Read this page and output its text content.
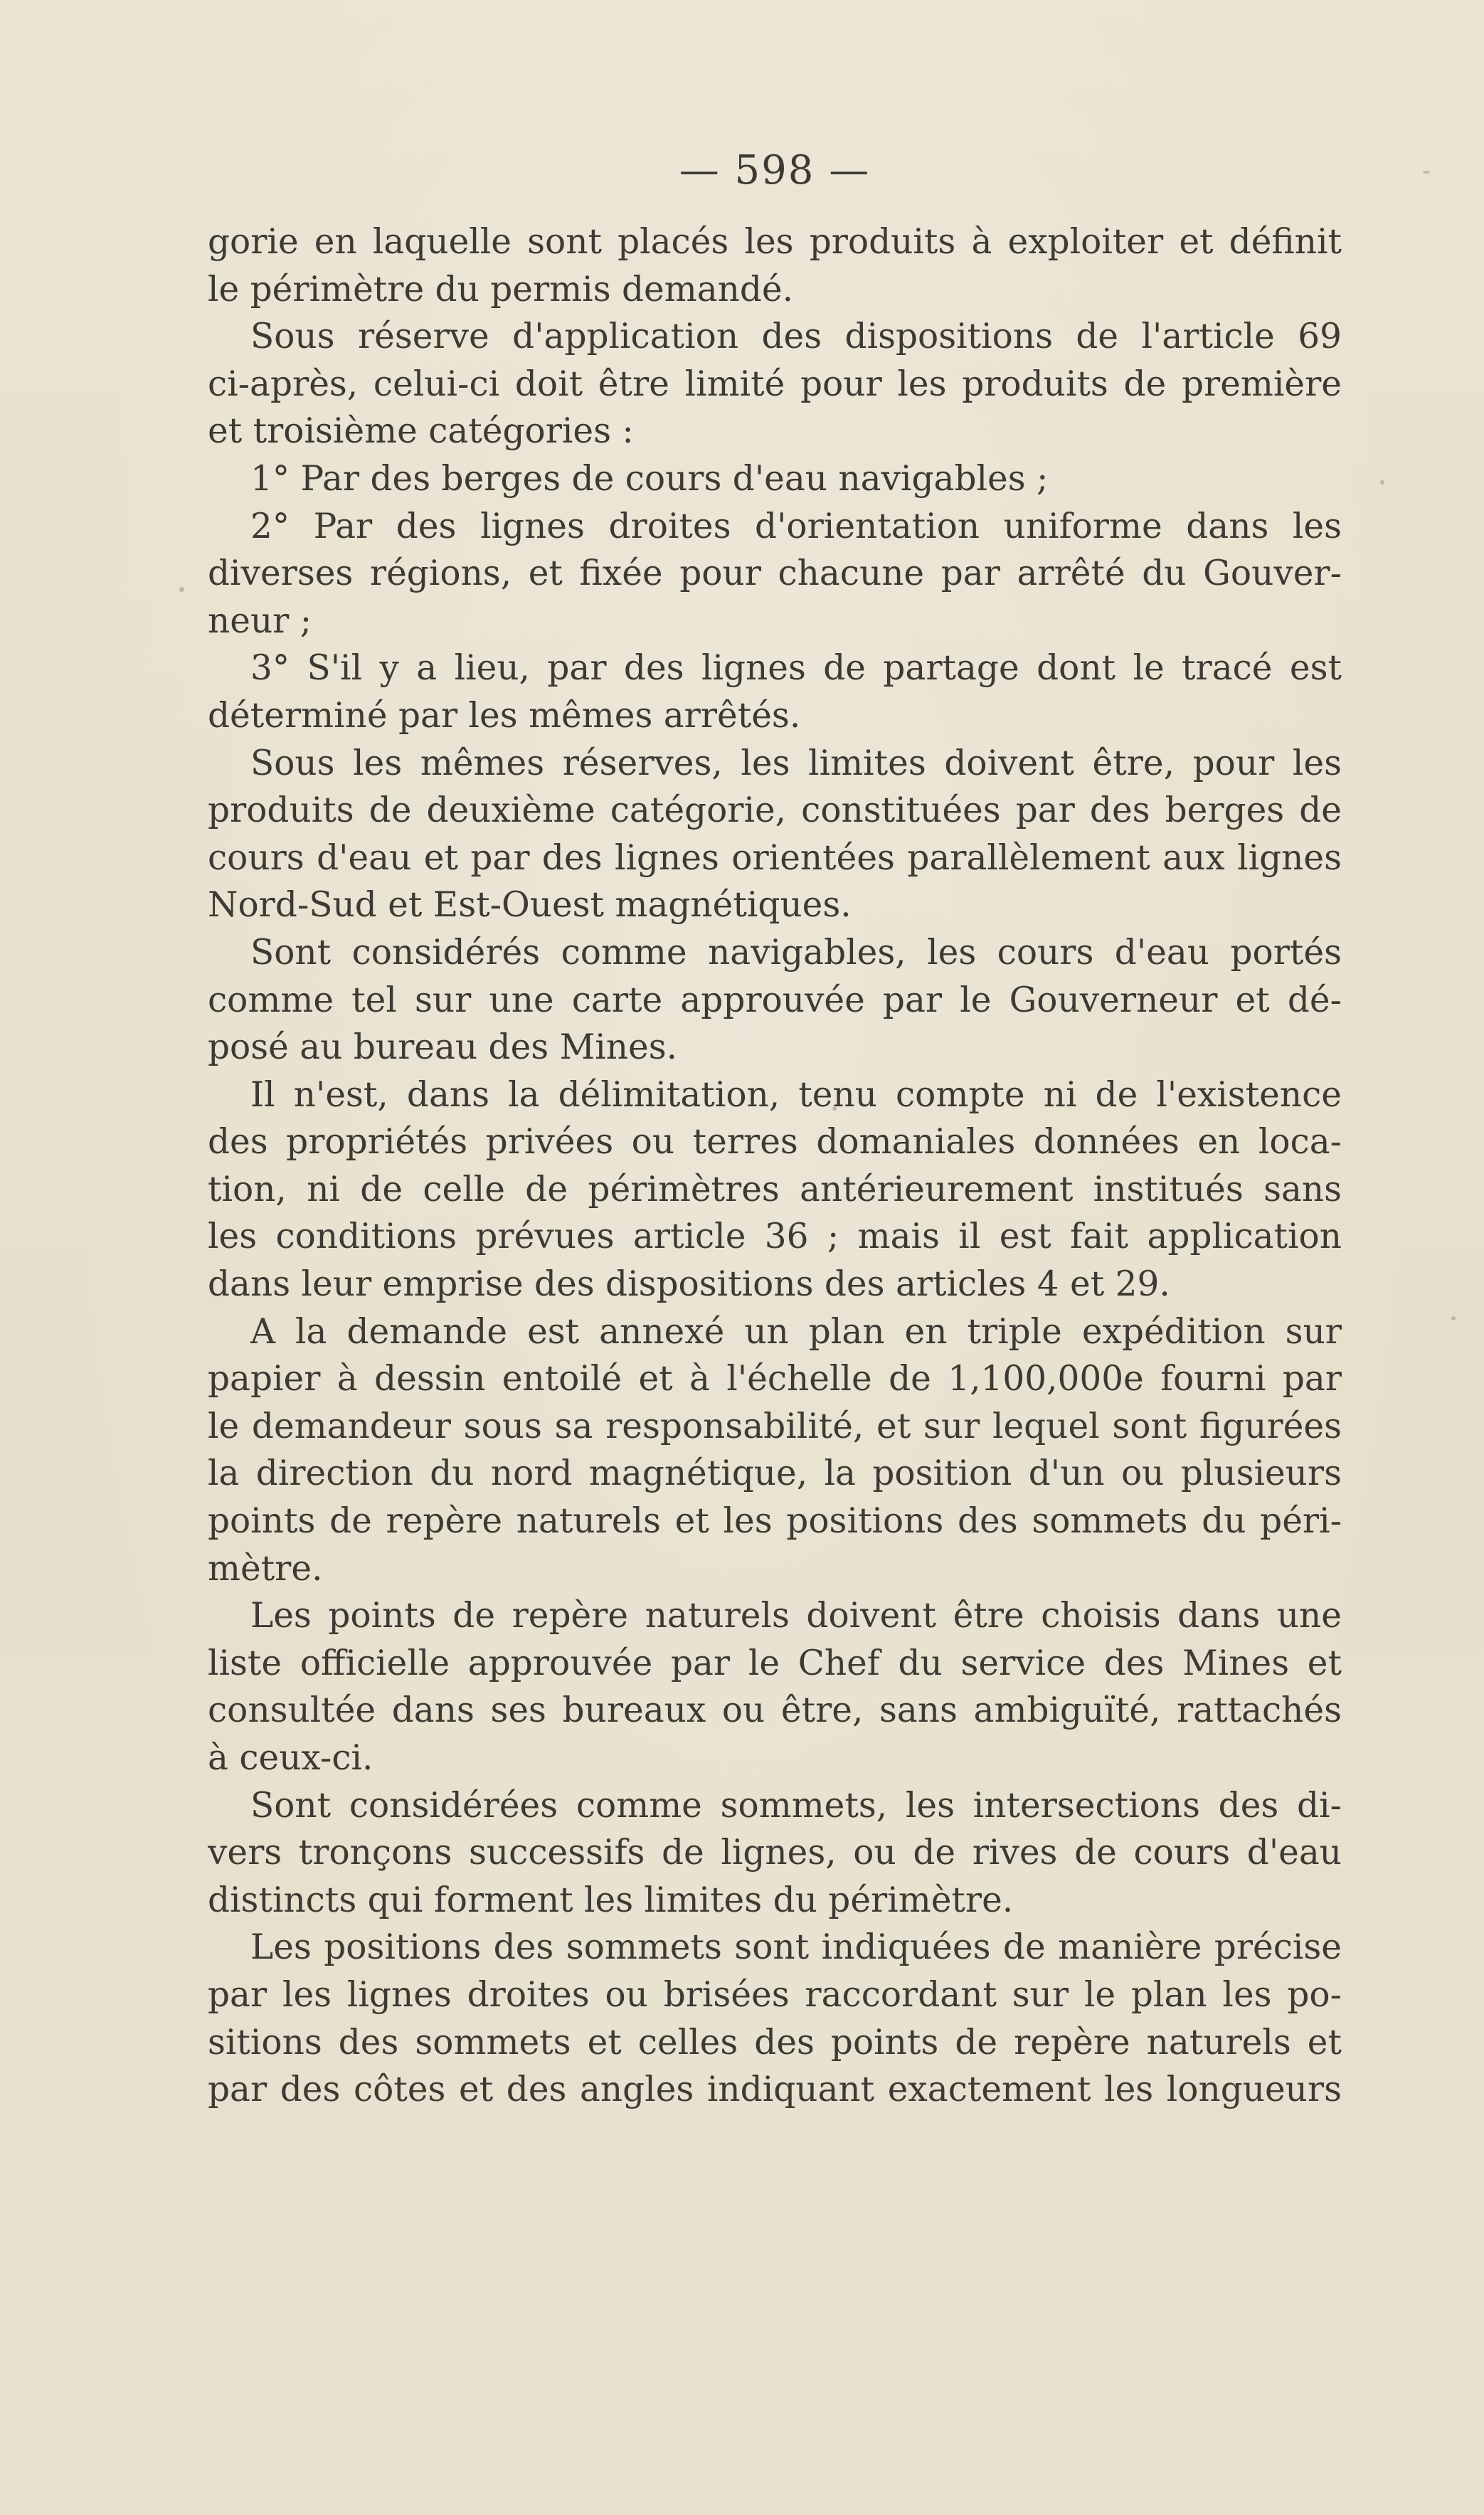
— 598 —
gorie en laquelle sont placés les produits à exploiter et définit
le périmètre du permis demandé.
Sous réserve d'application des dispositions de l'article 69
ci-après, celui-ci doit être limité pour les produits de première
et troisième catégories :
1° Par des berges de cours d'eau navigables ;
2° Par des lignes droites d'orientation uniforme dans les
diverses régions, et fixée pour chacune par arrêté du Gouver-
neur ;
3° S'il y a lieu, par des lignes de partage dont le tracé est
déterminé par les mêmes arrêtés.
Sous les mêmes réserves, les limites doivent être, pour les
produits de deuxième catégorie, constituées par des berges de
cours d'eau et par des lignes orientées parallèlement aux lignes
Nord-Sud et Est-Ouest magnétiques.
Sont considérés comme navigables, les cours d'eau portés
comme tel sur une carte approuvée par le Gouverneur et dé-
posé au bureau des Mines.
Il n'est, dans la délimitation, tenu compte ni de l'existence
des propriétés privées ou terres domaniales données en loca-
tion, ni de celle de périmètres antérieurement institués sans
les conditions prévues article 36 ; mais il est fait application
dans leur emprise des dispositions des articles 4 et 29.
A la demande est annexé un plan en triple expédition sur
papier à dessin entoilé et à l'échelle de 1,100,000e fourni par
le demandeur sous sa responsabilité, et sur lequel sont figurées
la direction du nord magnétique, la position d'un ou plusieurs
points de repère naturels et les positions des sommets du péri-
mètre.
Les points de repère naturels doivent être choisis dans une
liste officielle approuvée par le Chef du service des Mines et
consultée dans ses bureaux ou être, sans ambiguïté, rattachés
à ceux-ci.
Sont considérées comme sommets, les intersections des di-
vers tronçons successifs de lignes, ou de rives de cours d'eau
distincts qui forment les limites du périmètre.
Les positions des sommets sont indiquées de manière précise
par les lignes droites ou brisées raccordant sur le plan les po-
sitions des sommets et celles des points de repère naturels et
par des côtes et des angles indiquant exactement les longueurs
